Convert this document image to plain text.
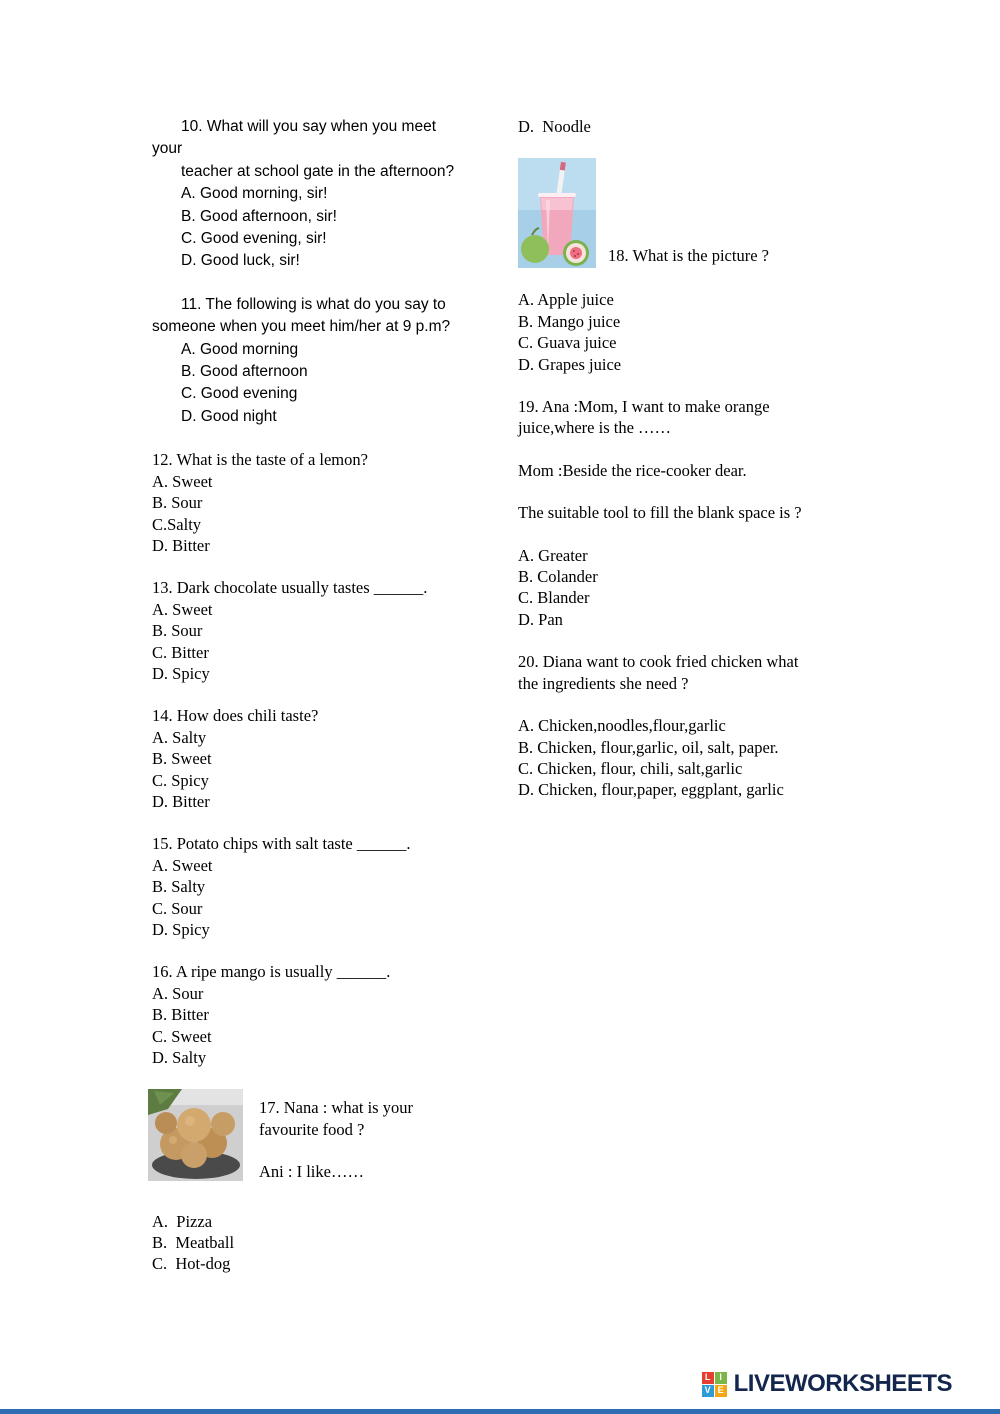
10. What will you say when you meet

your

teacher at school gate in the afternoon?

A. Good morning, sir!

B. Good afternoon, sir!

C. Good evening, sir!

D. Good luck, sir!

11. The following is what do you say to

someone when you meet him/her at 9 p.m?

A. Good morning

B. Good afternoon

C. Good evening

D. Good night

12. What is the taste of a lemon?

A. Sweet

B. Sour

C.Salty

D. Bitter

13. Dark chocolate usually tastes ______.

A. Sweet

B. Sour

C. Bitter

D. Spicy

14. How does chili taste?

A. Salty

B. Sweet

C. Spicy

D. Bitter

15. Potato chips with salt taste ______.

A. Sweet

B. Salty

C. Sour

D. Spicy

16. A ripe mango is usually ______.

A. Sour

B. Bitter

C. Sweet

D. Salty

17. Nana : what is your

favourite food ?

Ani : I like……

A.  Pizza

B.  Meatball

C.  Hot-dog

D.  Noodle

18. What is the picture ?

A. Apple juice

B. Mango juice

C. Guava juice

D. Grapes juice

19. Ana :Mom, I want to make orange

juice,where is the ……

Mom :Beside the rice-cooker dear.

The suitable tool to fill the blank space is ?

A. Greater

B. Colander

C. Blander

D. Pan

20. Diana want to cook fried chicken what

the ingredients she need ?

A. Chicken,noodles,flour,garlic

B. Chicken, flour,garlic, oil, salt, paper.

C. Chicken, flour, chili, salt,garlic

D. Chicken, flour,paper, eggplant, garlic

L I
V E LIVEWORKSHEETS
